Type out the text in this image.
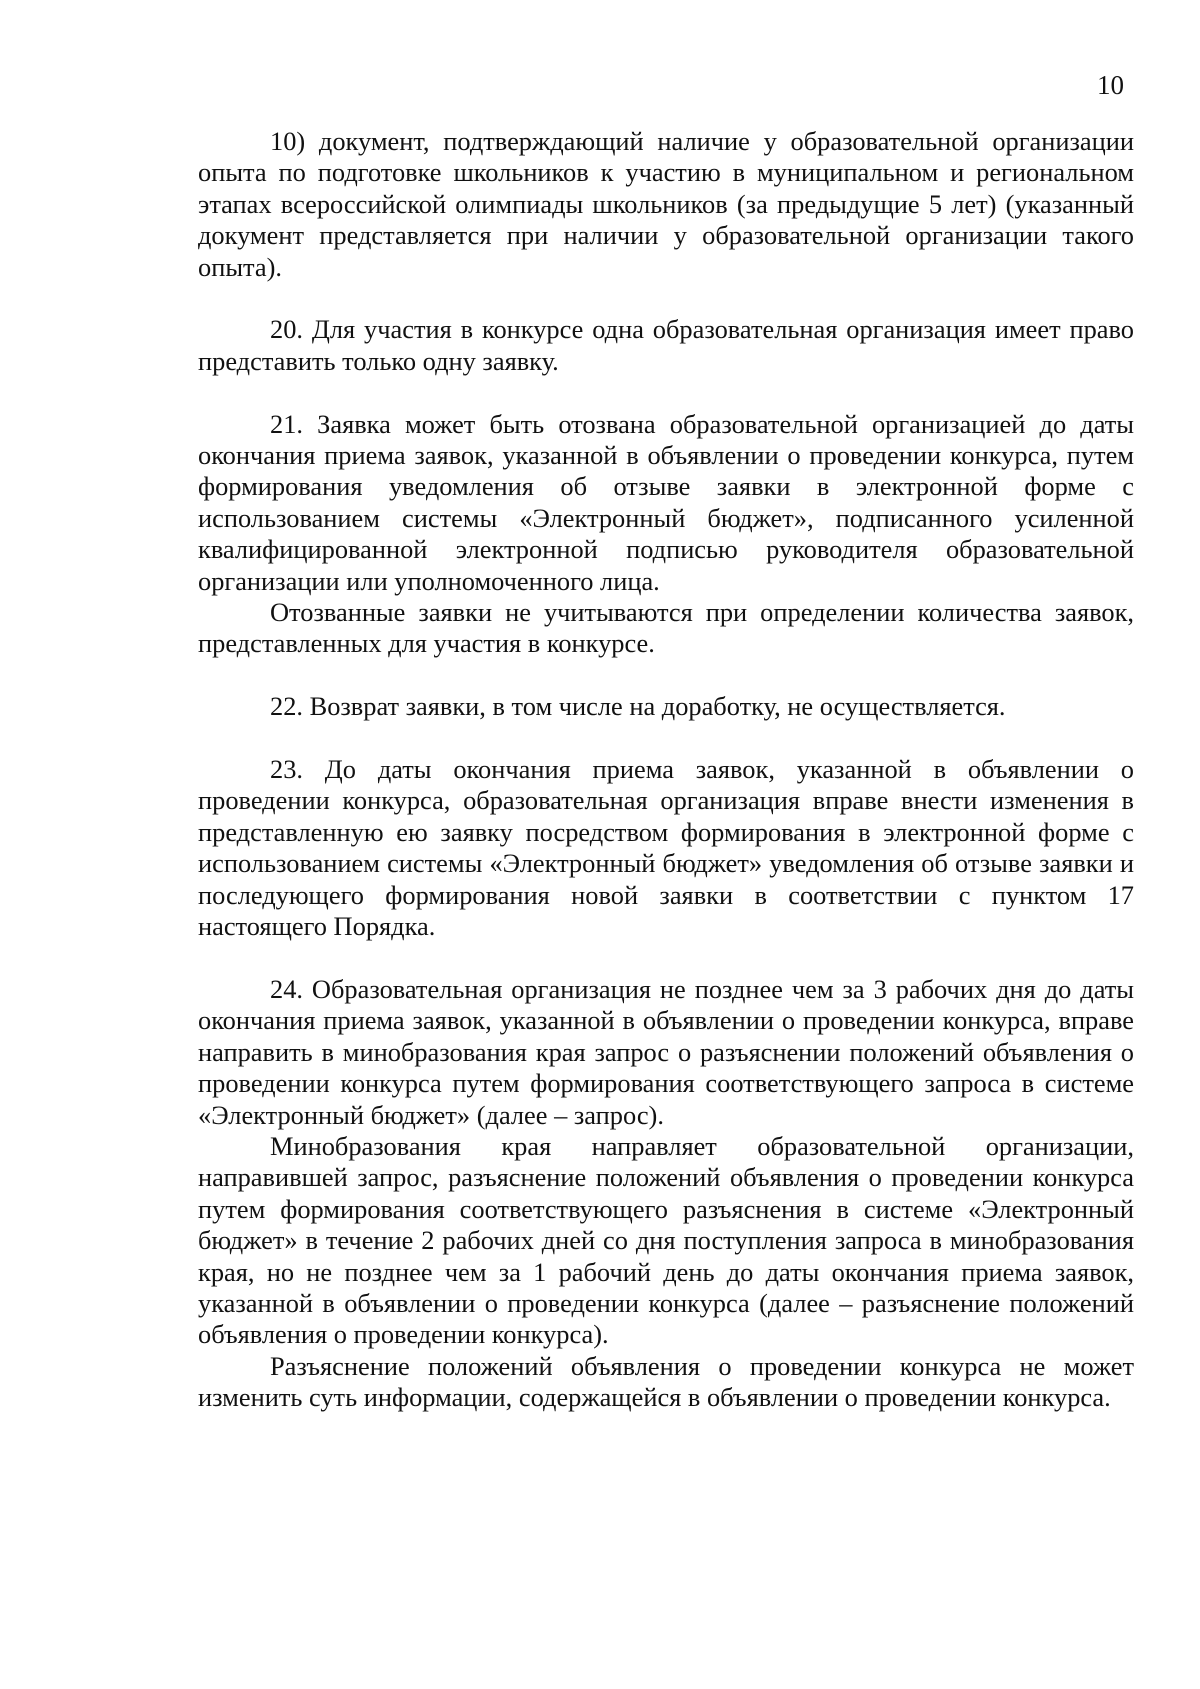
10

10) документ, подтверждающий наличие у образовательной организации опыта по подготовке школьников к участию в муниципальном и региональном этапах всероссийской олимпиады школьников (за предыдущие 5 лет) (указанный документ представляется при наличии у образовательной организации такого опыта).

20. Для участия в конкурсе одна образовательная организация имеет право представить только одну заявку.

21. Заявка может быть отозвана образовательной организацией до даты окончания приема заявок, указанной в объявлении о проведении конкурса, путем формирования уведомления об отзыве заявки в электронной форме с использованием системы «Электронный бюджет», подписанного усиленной квалифицированной электронной подписью руководителя образовательной организации или уполномоченного лица.

Отозванные заявки не учитываются при определении количества заявок, представленных для участия в конкурсе.

22. Возврат заявки, в том числе на доработку, не осуществляется.

23. До даты окончания приема заявок, указанной в объявлении о проведении конкурса, образовательная организация вправе внести изменения в представленную ею заявку посредством формирования в электронной форме с использованием системы «Электронный бюджет» уведомления об отзыве заявки и последующего формирования новой заявки в соответствии с пунктом 17 настоящего Порядка.

24. Образовательная организация не позднее чем за 3 рабочих дня до даты окончания приема заявок, указанной в объявлении о проведении конкурса, вправе направить в минобразования края запрос о разъяснении положений объявления о проведении конкурса путем формирования соответствующего запроса в системе «Электронный бюджет» (далее – запрос).

Минобразования края направляет образовательной организации, направившей запрос, разъяснение положений объявления о проведении конкурса путем формирования соответствующего разъяснения в системе «Электронный бюджет» в течение 2 рабочих дней со дня поступления запроса в минобразования края, но не позднее чем за 1 рабочий день до даты окончания приема заявок, указанной в объявлении о проведении конкурса (далее – разъяснение положений объявления о проведении конкурса).

Разъяснение положений объявления о проведении конкурса не может изменить суть информации, содержащейся в объявлении о проведении конкурса.
